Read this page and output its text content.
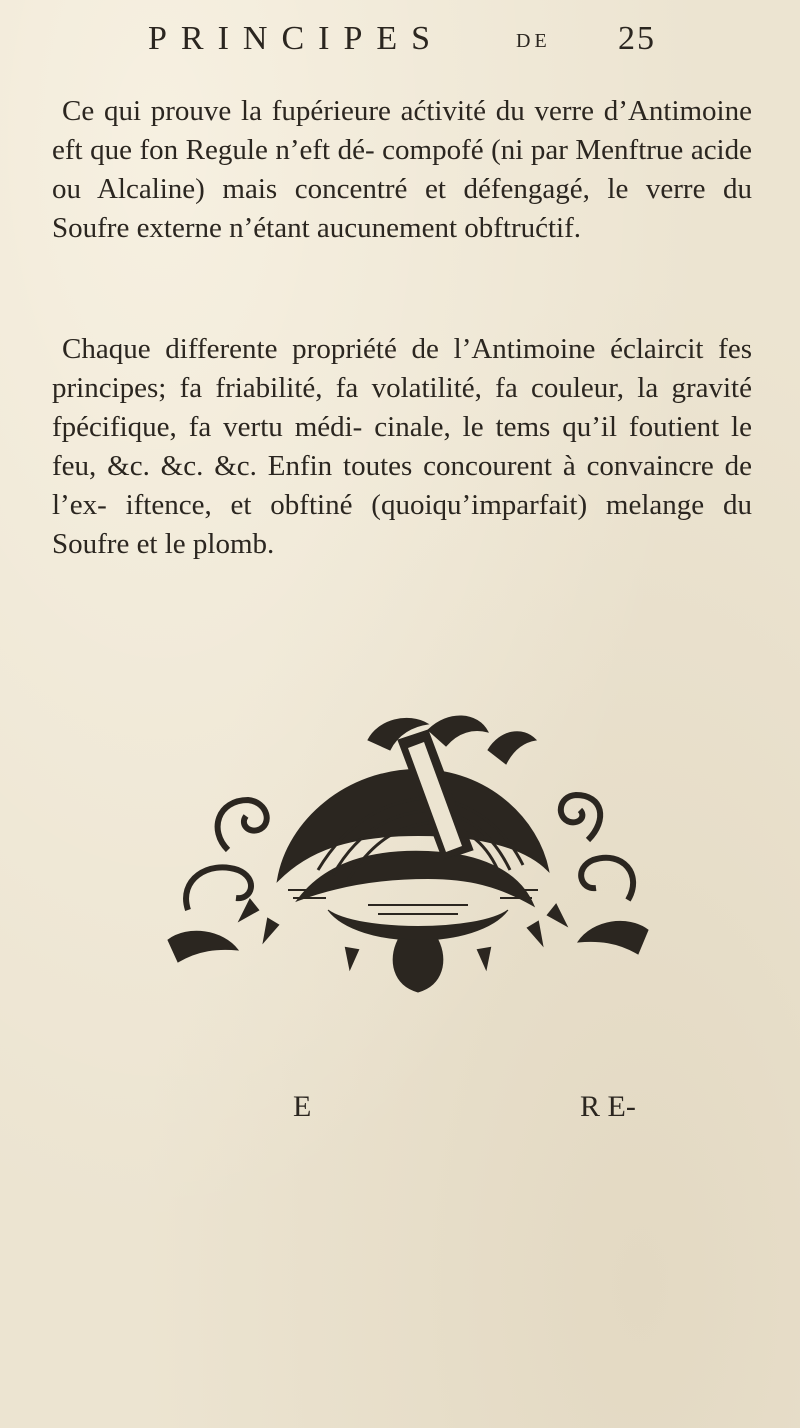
PRINCIPES	DE 25

Ce qui prouve la fupérieure aćtivité du verre d’Antimoine eft que fon Regule n’eft dé- compofé (ni par Menftrue acide ou Alcaline) mais concentré et défengagé, le verre du Soufre externe n’étant aucunement obftrućtif.

Chaque differente propriété de l’Antimoine éclaircit fes principes; fa friabilité, fa volatilité, fa couleur, la gravité fpécifique, fa vertu médi- cinale, le tems qu’il foutient le feu, &c. &c. &c. Enfin toutes concourent à convaincre de l’ex- iftence, et obftiné (quoiqu’imparfait) melange du Soufre et le plomb.

E	R E-
